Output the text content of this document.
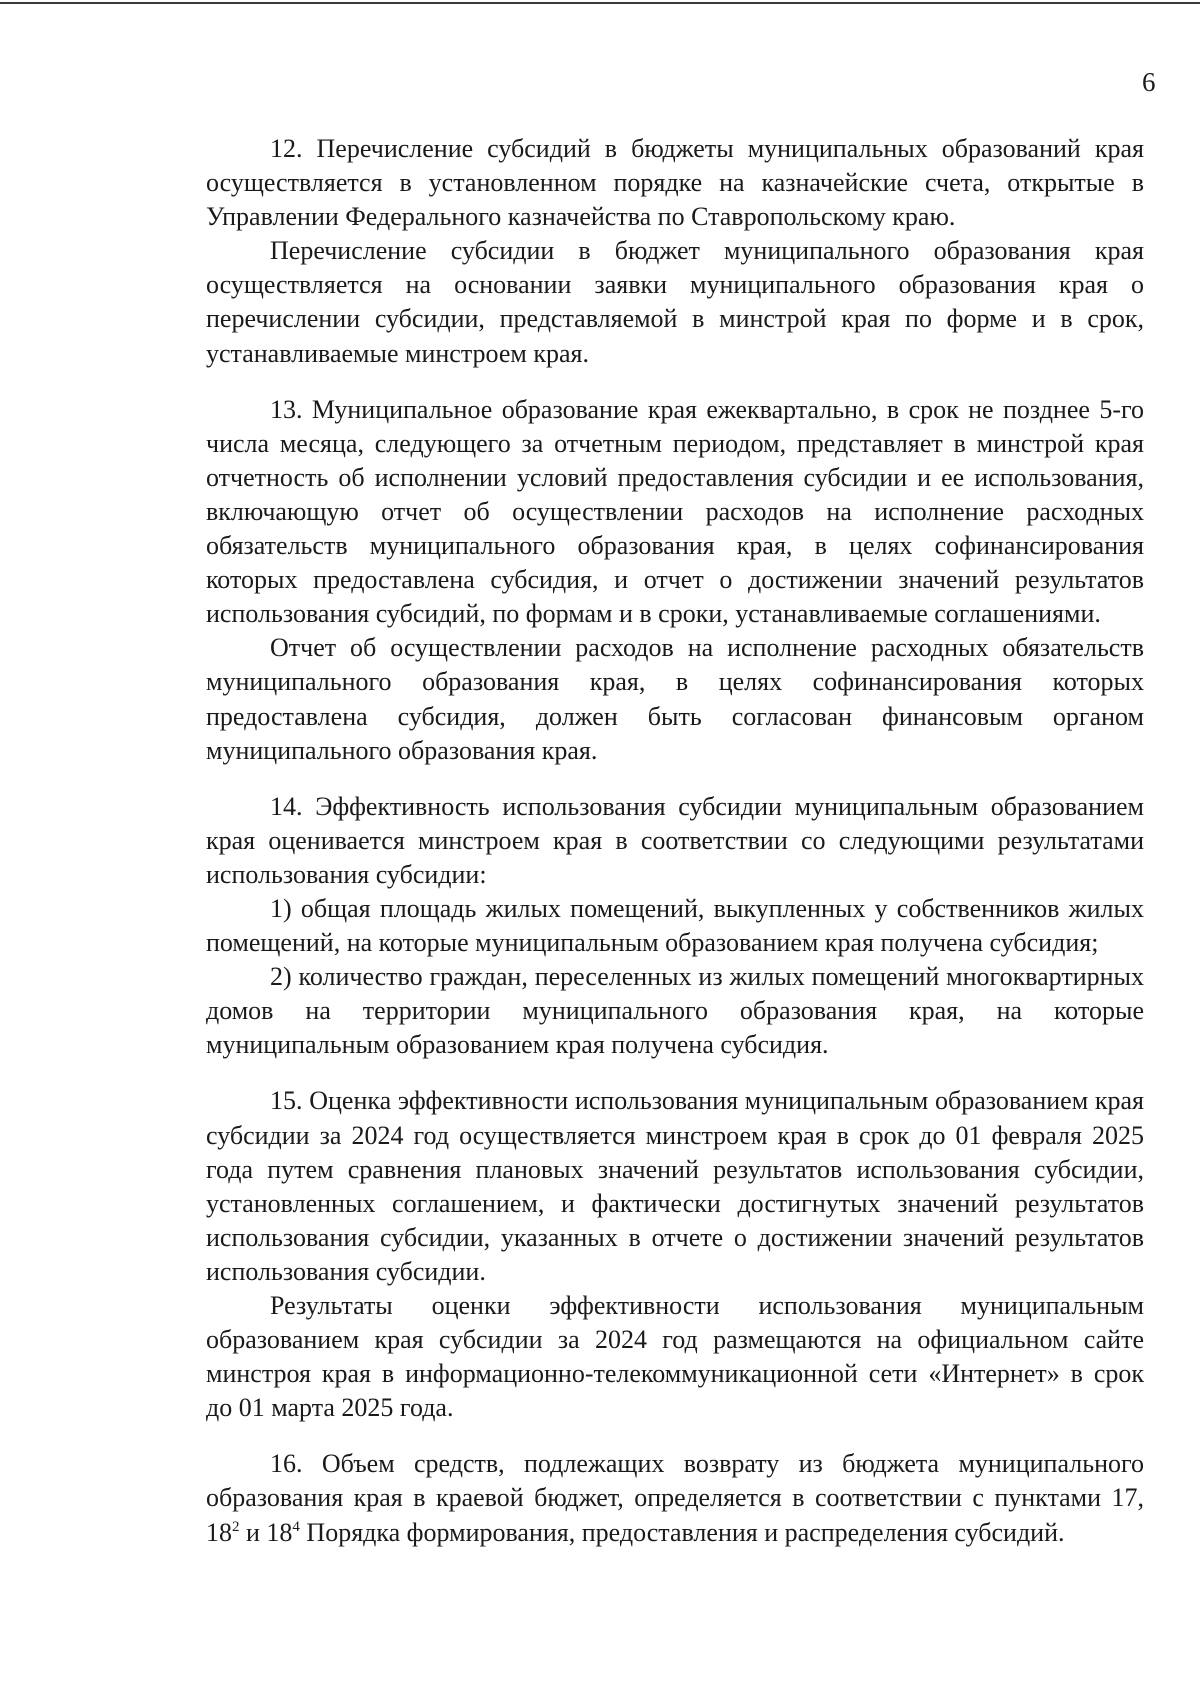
6

12. Перечисление субсидий в бюджеты муниципальных образований края осуществляется в установленном порядке на казначейские счета, открытые в Управлении Федерального казначейства по Ставропольскому краю.

Перечисление субсидии в бюджет муниципального образования края осуществляется на основании заявки муниципального образования края о перечислении субсидии, представляемой в минстрой края по форме и в срок, устанавливаемые минстроем края.

13. Муниципальное образование края ежеквартально, в срок не позднее 5-го числа месяца, следующего за отчетным периодом, представляет в минстрой края отчетность об исполнении условий предоставления субсидии и ее использования, включающую отчет об осуществлении расходов на исполнение расходных обязательств муниципального образования края, в целях софинансирования которых предоставлена субсидия, и отчет о достижении значений результатов использования субсидий, по формам и в сроки, устанавливаемые соглашениями.

Отчет об осуществлении расходов на исполнение расходных обязательств муниципального образования края, в целях софинансирования которых предоставлена субсидия, должен быть согласован финансовым органом муниципального образования края.

14. Эффективность использования субсидии муниципальным образованием края оценивается минстроем края в соответствии со следующими результатами использования субсидии:

1) общая площадь жилых помещений, выкупленных у собственников жилых помещений, на которые муниципальным образованием края получена субсидия;

2) количество граждан, переселенных из жилых помещений многоквартирных домов на территории муниципального образования края, на которые муниципальным образованием края получена субсидия.

15. Оценка эффективности использования муниципальным образованием края субсидии за 2024 год осуществляется минстроем края в срок до 01 февраля 2025 года путем сравнения плановых значений результатов использования субсидии, установленных соглашением, и фактически достигнутых значений результатов использования субсидии, указанных в отчете о достижении значений результатов использования субсидии.

Результаты оценки эффективности использования муниципальным образованием края субсидии за 2024 год размещаются на официальном сайте минстроя края в информационно-телекоммуникационной сети «Интернет» в срок до 01 марта 2025 года.

16. Объем средств, подлежащих возврату из бюджета муниципального образования края в краевой бюджет, определяется в соответствии с пунктами 17, $18^2$ и $18^4$ Порядка формирования, предоставления и распределения субсидий.
